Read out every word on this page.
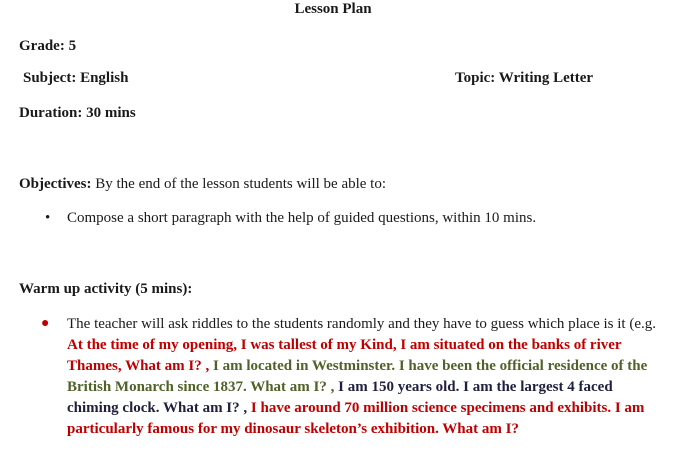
Lesson Plan
Grade: 5
Subject: English	Topic: Writing Letter
Duration: 30 mins
Objectives: By the end of the lesson students will be able to:
• Compose a short paragraph with the help of guided questions, within 10 mins.
Warm up activity (5 mins):
● The teacher will ask riddles to the students randomly and they have to guess which place is it (e.g. At the time of my opening, I was tallest of my Kind, I am situated on the banks of river Thames, What am I? , I am located in Westminster. I have been the official residence of the British Monarch since 1837. What am I? , I am 150 years old. I am the largest 4 faced chiming clock. What am I? , I have around 70 million science specimens and exhibits. I am particularly famous for my dinosaur skeleton’s exhibition. What am I?
